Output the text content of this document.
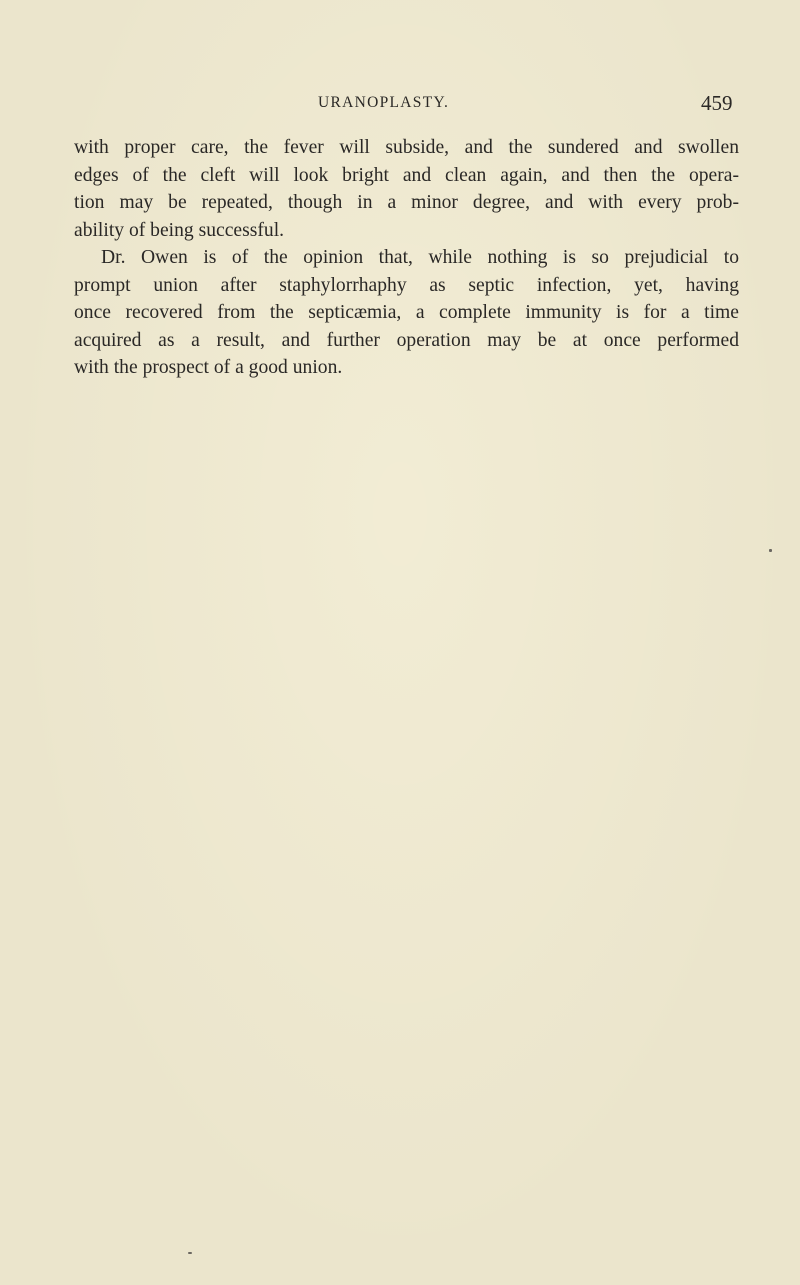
URANOPLASTY.	459
with proper care, the fever will subside, and the sundered and swollen
edges of the cleft will look bright and clean again, and then the opera-
tion may be repeated, though in a minor degree, and with every prob-
ability of being successful.
Dr. Owen is of the opinion that, while nothing is so prejudicial to
prompt union after staphylorrhaphy as septic infection, yet, having
once recovered from the septicæmia, a complete immunity is for a time
acquired as a result, and further operation may be at once performed
with the prospect of a good union.
